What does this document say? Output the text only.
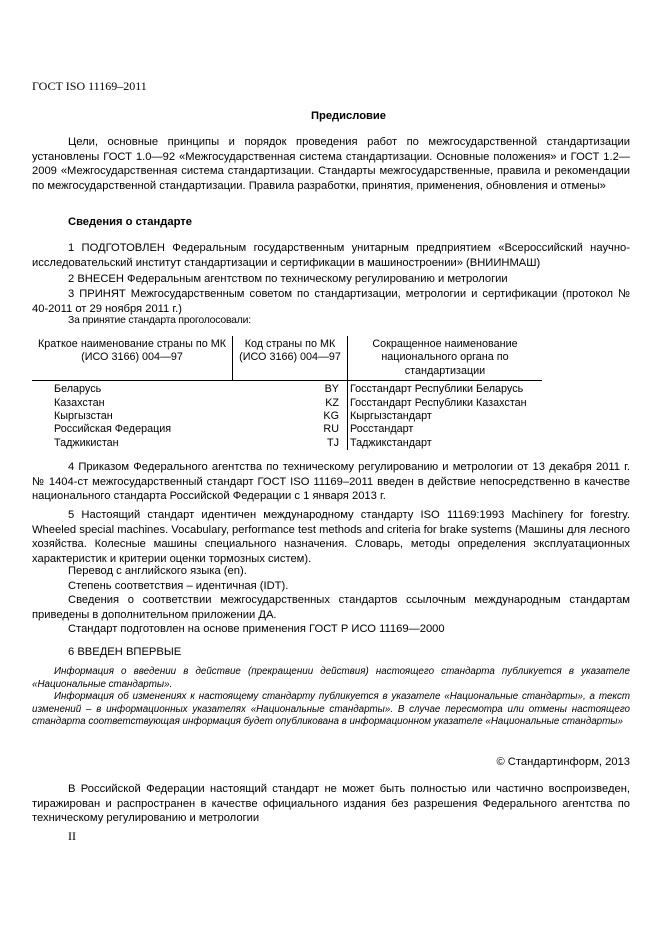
ГОСТ ISO 11169–2011
Предисловие
Цели, основные принципы и порядок проведения работ по межгосударственной стандартизации установлены ГОСТ 1.0—92 «Межгосударственная система стандартизации. Основные положения» и ГОСТ 1.2—2009 «Межгосударственная система стандартизации. Стандарты межгосударственные, правила и рекомендации по межгосударственной стандартизации. Правила разработки, принятия, применения, обновления и отмены»
Сведения о стандарте
1 ПОДГОТОВЛЕН Федеральным государственным унитарным предприятием «Всероссийский научно-исследовательский институт стандартизации и сертификации в машиностроении» (ВНИИНМАШ)
2 ВНЕСЕН Федеральным агентством по техническому регулированию и метрологии
3 ПРИНЯТ Межгосударственным советом по стандартизации, метрологии и сертификации (протокол № 40-2011 от 29 ноября 2011 г.)
За принятие стандарта проголосовали:
Краткое наименование страны по МК (ИСО 3166) 004—97	Код страны по МК (ИСО 3166) 004—97	Сокращенное наименование национального органа по стандартизации
Беларусь	BY	Госстандарт Республики Беларусь
Казахстан	KZ	Госстандарт Республики Казахстан
Кыргызстан	KG	Кыргызстандарт
Российская Федерация	RU	Росстандарт
Таджикистан	TJ	Таджикстандарт
4 Приказом Федерального агентства по техническому регулированию и метрологии от 13 декабря 2011 г. № 1404-ст межгосударственный стандарт ГОСТ ISO 11169–2011 введен в действие непосредственно в качестве национального стандарта Российской Федерации с 1 января 2013 г.
5 Настоящий стандарт идентичен международному стандарту ISO 11169:1993 Machinery for forestry. Wheeled special machines. Vocabulary, performance test methods and criteria for brake systems (Машины для лесного хозяйства. Колесные машины специального назначения. Словарь, методы определения эксплуатационных характеристик и критерии оценки тормозных систем).
Перевод с английского языка (en).
Степень соответствия – идентичная (IDT).
Сведения о соответствии межгосударственных стандартов ссылочным международным стандартам приведены в дополнительном приложении ДА.
Стандарт подготовлен на основе применения ГОСТ Р ИСО 11169—2000
6 ВВЕДЕН ВПЕРВЫЕ
Информация о введении в действие (прекращении действия) настоящего стандарта публикуется в указателе «Национальные стандарты».
Информация об изменениях к настоящему стандарту публикуется в указателе «Национальные стандарты», а текст изменений – в информационных указателях «Национальные стандарты». В случае пересмотра или отмены настоящего стандарта соответствующая информация будет опубликована в информационном указателе «Национальные стандарты»
© Стандартинформ, 2013
В Российской Федерации настоящий стандарт не может быть полностью или частично воспроизведен, тиражирован и распространен в качестве официального издания без разрешения Федерального агентства по техническому регулированию и метрологии
II
